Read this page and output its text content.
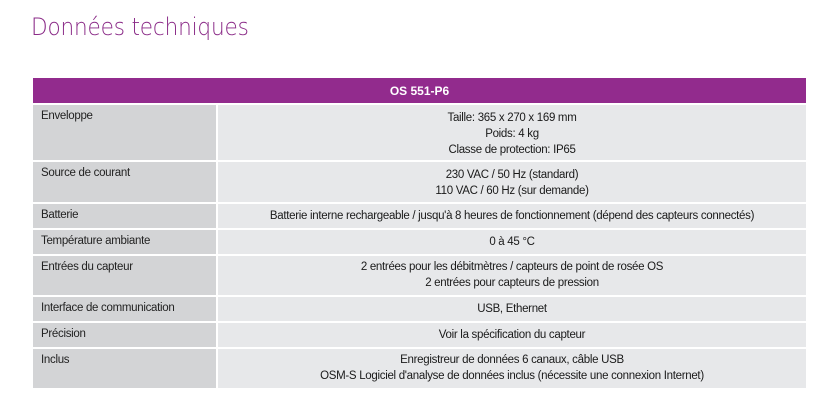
Données techniques
OS 551-P6
Enveloppe	Taille: 365 x 270 x 169 mm
Poids: 4 kg
Classe de protection: IP65
Source de courant	230 VAC / 50 Hz (standard)
110 VAC / 60 Hz (sur demande)
Batterie	Batterie interne rechargeable / jusqu'à 8 heures de fonctionnement (dépend des capteurs connectés)
Température ambiante	0 à 45 °C
Entrées du capteur	2 entrées pour les débitmètres / capteurs de point de rosée OS
2 entrées pour capteurs de pression
Interface de communication	USB, Ethernet
Précision	Voir la spécification du capteur
Inclus	Enregistreur de données 6 canaux, câble USB
OSM-S Logiciel d'analyse de données inclus (nécessite une connexion Internet)
